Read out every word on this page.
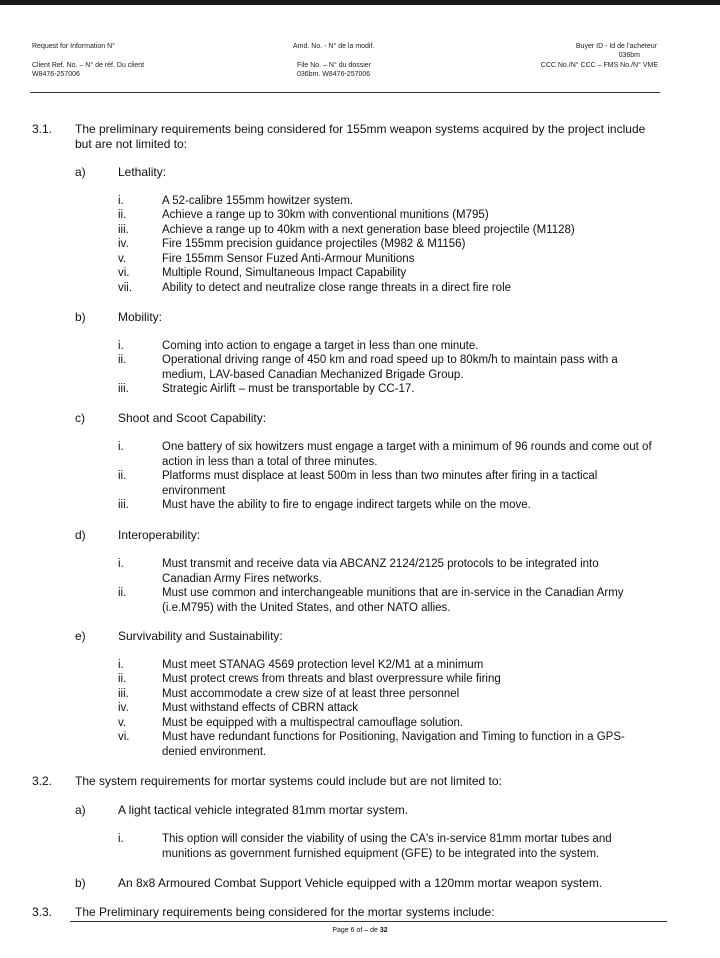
Request for Information N°	Amd. No. - N° de la modif.	Buyer ID - Id de l'acheteur
036bm
Client Ref. No. – N° de réf. Du client
W8476-257006
File No. – N° du dossier
036bm. W8476-257006
CCC No./N° CCC – FMS No./N° VME
3.1. The preliminary requirements being considered for 155mm weapon systems acquired by the project include but are not limited to:
a)	Lethality:
i.	A 52-calibre 155mm howitzer system.
ii.	Achieve a range up to 30km with conventional munitions (M795)
iii.	Achieve a range up to 40km with a next generation base bleed projectile (M1128)
iv.	Fire 155mm precision guidance projectiles (M982 & M1156)
v.	Fire 155mm Sensor Fuzed Anti-Armour Munitions
vi.	Multiple Round, Simultaneous Impact Capability
vii.	Ability to detect and neutralize close range threats in a direct fire role
b)	Mobility:
i.	Coming into action to engage a target in less than one minute.
ii.	Operational driving range of 450 km and road speed up to 80km/h to maintain pass with a medium, LAV-based Canadian Mechanized Brigade Group.
iii.	Strategic Airlift – must be transportable by CC-17.
c)	Shoot and Scoot Capability:
i.	One battery of six howitzers must engage a target with a minimum of 96 rounds and come out of action in less than a total of three minutes.
ii.	Platforms must displace at least 500m in less than two minutes after firing in a tactical environment
iii.	Must have the ability to fire to engage indirect targets while on the move.
d)	Interoperability:
i.	Must transmit and receive data via ABCANZ 2124/2125 protocols to be integrated into Canadian Army Fires networks.
ii.	Must use common and interchangeable munitions that are in-service in the Canadian Army (i.e.M795) with the United States, and other NATO allies.
e)	Survivability and Sustainability:
i.	Must meet STANAG 4569 protection level K2/M1 at a minimum
ii.	Must protect crews from threats and blast overpressure while firing
iii.	Must accommodate a crew size of at least three personnel
iv.	Must withstand effects of CBRN attack
v.	Must be equipped with a multispectral camouflage solution.
vi.	Must have redundant functions for Positioning, Navigation and Timing to function in a GPS-denied environment.
3.2. The system requirements for mortar systems could include but are not limited to:
a)	A light tactical vehicle integrated 81mm mortar system.
i.	This option will consider the viability of using the CA's in-service 81mm mortar tubes and munitions as government furnished equipment (GFE) to be integrated into the system.
b)	An 8x8 Armoured Combat Support Vehicle equipped with a 120mm mortar weapon system.
3.3. The Preliminary requirements being considered for the mortar systems include:
Page 6 of – de 32
